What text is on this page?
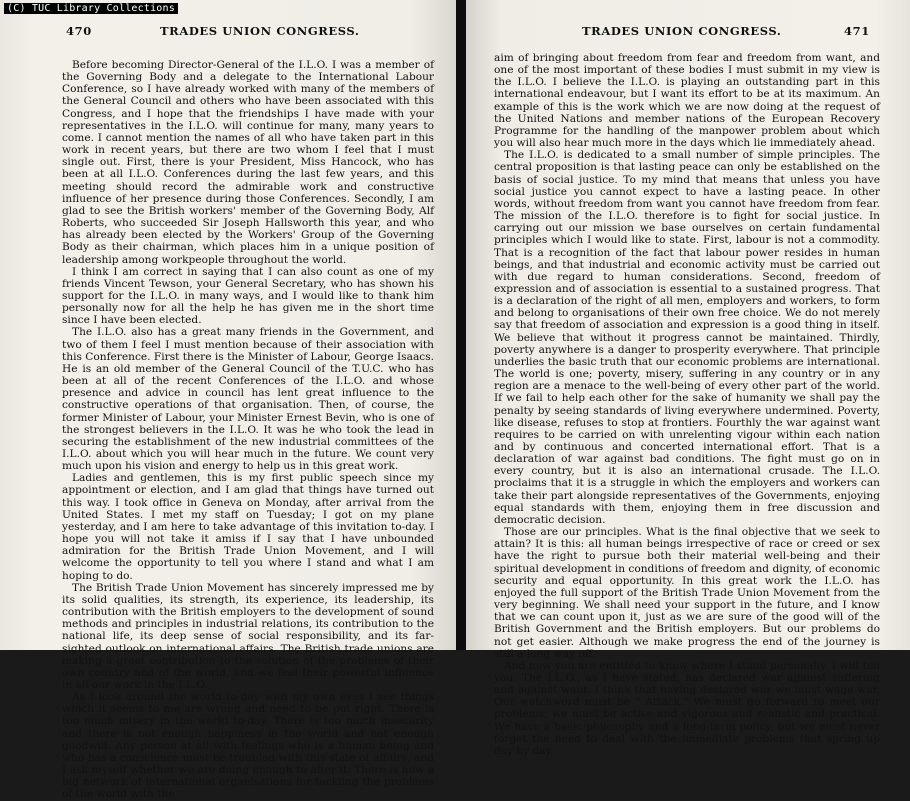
(C) TUC Library Collections
470	TRADES UNION CONGRESS.

Before becoming Director-General of the I.L.O. I was a member of the Governing Body and a delegate to the International Labour Conference, so I have already worked with many of the members of the General Council and others who have been associated with this Congress, and I hope that the friendships I have made with your representatives in the I.L.O. will continue for many, many years to come. I cannot mention the names of all who have taken part in this work in recent years, but there are two whom I feel that I must single out. First, there is your President, Miss Hancock, who has been at all I.L.O. Conferences during the last few years, and this meeting should record the admirable work and constructive influence of her presence during those Conferences. Secondly, I am glad to see the British workers' member of the Governing Body, Alf Roberts, who succeeded Sir Joseph Hallsworth this year, and who has already been elected by the Workers' Group of the Governing Body as their chairman, which places him in a unique position of leadership among workpeople throughout the world.

I think I am correct in saying that I can also count as one of my friends Vincent Tewson, your General Secretary, who has shown his support for the I.L.O. in many ways, and I would like to thank him personally now for all the help he has given me in the short time since I have been elected.

The I.L.O. also has a great many friends in the Government, and two of them I feel I must mention because of their association with this Conference. First there is the Minister of Labour, George Isaacs. He is an old member of the General Council of the T.U.C. who has been at all of the recent Conferences of the I.L.O. and whose presence and advice in council has lent great influence to the constructive operations of that organisation. Then, of course, the former Minister of Labour, your Minister Ernest Bevin, who is one of the strongest believers in the I.L.O. It was he who took the lead in securing the establishment of the new industrial committees of the I.L.O. about which you will hear much in the future. We count very much upon his vision and energy to help us in this great work.

Ladies and gentlemen, this is my first public speech since my appointment or election, and I am glad that things have turned out this way. I took office in Geneva on Monday, after arrival from the United States. I met my staff on Tuesday; I got on my plane yesterday, and I am here to take advantage of this invitation to-day. I hope you will not take it amiss if I say that I have unbounded admiration for the British Trade Union Movement, and I will welcome the opportunity to tell you where I stand and what I am hoping to do.

The British Trade Union Movement has sincerely impressed me by its solid qualities, its strength, its experience, its leadership, its contribution with the British employers to the development of sound methods and principles in industrial relations, its contribution to the national life, its deep sense of social responsibility, and its far-sighted outlook on international affairs. The British trade unions are making a great contribution to the solution of the problems of their own country and of the world, and we feel their powerful influence in all our work in the I.L.O.

As I look around the world to-day with my own eyes I see things which it seems to me are wrong and need to be put right. There is too much misery in the world to-day. There is too much insecurity and there is not enough happiness in the world and not enough goodwill. Any person at all with feelings who is a human being and who has a conscience must be troubled with this state of affairs, and I ask myself whether we are doing enough to alter it. There is now a big network of international organisations for tackling the problems of the world with the

TRADES UNION CONGRESS.	471

aim of bringing about freedom from fear and freedom from want, and one of the most important of these bodies I must submit in my view is the I.L.O. I believe the I.L.O. is playing an outstanding part in this international endeavour, but I want its effort to be at its maximum. An example of this is the work which we are now doing at the request of the United Nations and member nations of the European Recovery Programme for the handling of the manpower problem about which you will also hear much more in the days which lie immediately ahead.

The I.L.O. is dedicated to a small number of simple principles. The central proposition is that lasting peace can only be established on the basis of social justice. To my mind that means that unless you have social justice you cannot expect to have a lasting peace. In other words, without freedom from want you cannot have freedom from fear. The mission of the I.L.O. therefore is to fight for social justice. In carrying out our mission we base ourselves on certain fundamental principles which I would like to state. First, labour is not a commodity. That is a recognition of the fact that labour power resides in human beings, and that industrial and economic activity must be carried out with due regard to human considerations. Second, freedom of expression and of association is essential to a sustained progress. That is a declaration of the right of all men, employers and workers, to form and belong to organisations of their own free choice. We do not merely say that freedom of association and expression is a good thing in itself. We believe that without it progress cannot be maintained. Thirdly, poverty anywhere is a danger to prosperity everywhere. That principle underlies the basic truth that our economic problems are international. The world is one; poverty, misery, suffering in any country or in any region are a menace to the well-being of every other part of the world. If we fail to help each other for the sake of humanity we shall pay the penalty by seeing standards of living everywhere undermined. Poverty, like disease, refuses to stop at frontiers. Fourthly the war against want requires to be carried on with unrelenting vigour within each nation and by continuous and concerted international effort. That is a declaration of war against bad conditions. The fight must go on in every country, but it is also an international crusade. The I.L.O. proclaims that it is a struggle in which the employers and workers can take their part alongside representatives of the Governments, enjoying equal standards with them, enjoying them in free discussion and democratic decision.

Those are our principles. What is the final objective that we seek to attain? It is this: all human beings irrespective of race or creed or sex have the right to pursue both their material well-being and their spiritual development in conditions of freedom and dignity, of economic security and equal opportunity. In this great work the I.L.O. has enjoyed the full support of the British Trade Union Movement from the very beginning. We shall need your support in the future, and I know that we can count upon it, just as we are sure of the good will of the British Government and the British employers. But our problems do not get easier. Although we make progress the end of the journey is still a long way off.

And now you are entitled to know where I stand personally. I will tell you. The I.L.O., as I have stated, has declared war against suffering and against want. I think that having declared war we must wage war. Our watchword must be " Attack." We must go forward to meet our problems; we must be active and vigorous and realistic and practical. We have a basic philosophy and a long-term policy, but we must never forget the need to deal with the immediate problems that spring up day by day.
